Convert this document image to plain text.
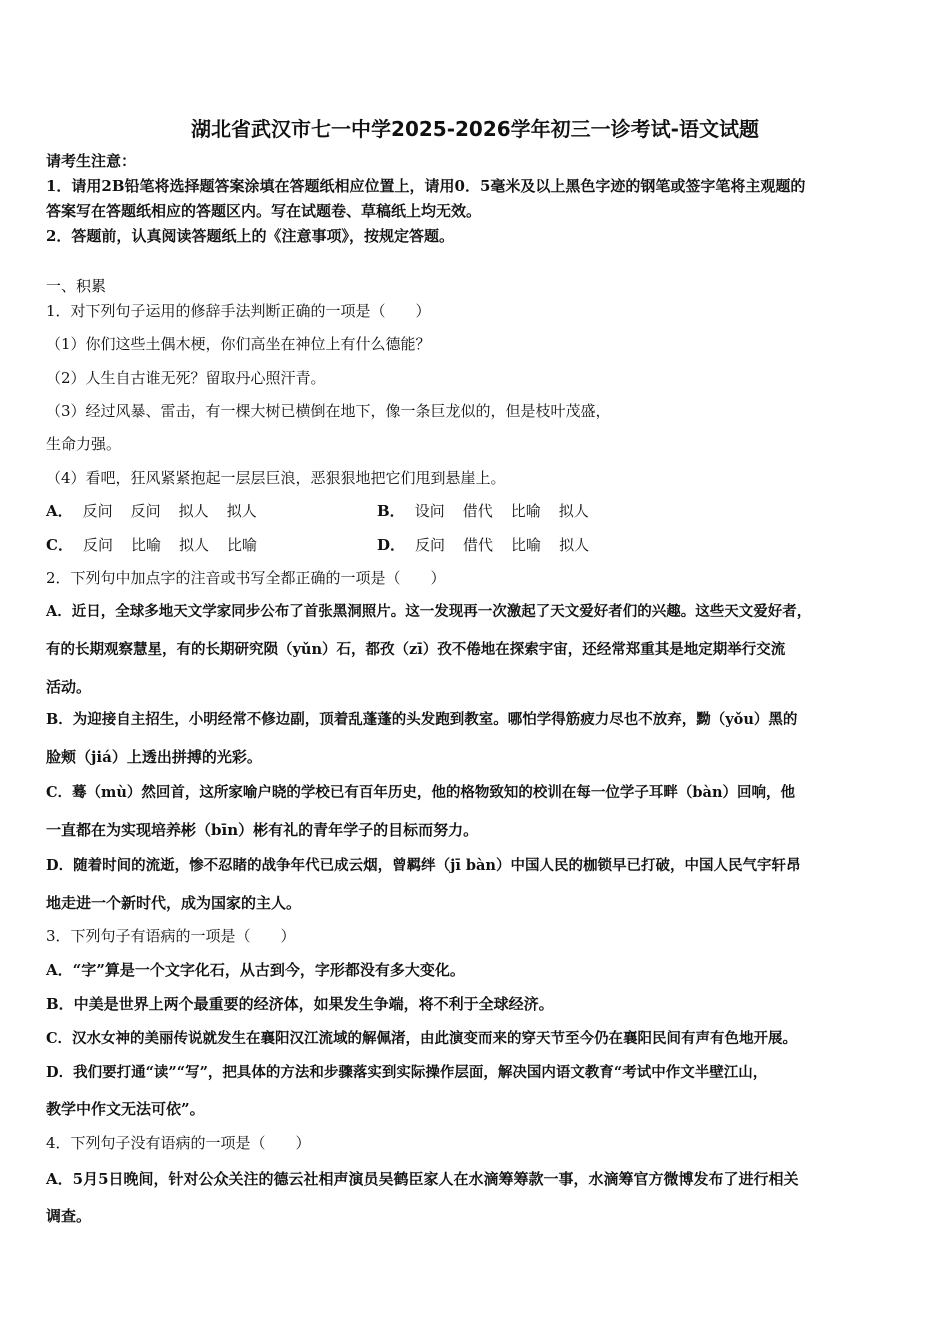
湖北省武汉市七一中学2025-2026学年初三一诊考试-语文试题
请考生注意：
1．请用2B铅笔将选择题答案涂填在答题纸相应位置上，请用0．5毫米及以上黑色字迹的钢笔或签字笔将主观题的
答案写在答题纸相应的答题区内。写在试题卷、草稿纸上均无效。
2．答题前，认真阅读答题纸上的《注意事项》，按规定答题。
一、积累
1．对下列句子运用的修辞手法判断正确的一项是（　　）
（1）你们这些土偶木梗，你们高坐在神位上有什么德能？
（2）人生自古谁无死？留取丹心照汗青。
（3）经过风暴、雷击，有一棵大树已横倒在地下，像一条巨龙似的，但是枝叶茂盛，
生命力强。
（4）看吧，狂风紧紧抱起一层层巨浪，恶狠狠地把它们甩到悬崖上。
A． 反问 反问 拟人 拟人	B． 设问 借代 比喻 拟人
C． 反问 比喻 拟人 比喻	D． 反问 借代 比喻 拟人
2．下列句中加点字的注音或书写全都正确的一项是（　　）
A．近日，全球多地天文学家同步公布了首张黑洞照片。这一发现再一次激起了天文爱好者们的兴趣。这些天文爱好者，
有的长期观察慧星，有的长期研究陨（yǔn）石，都孜（zī）孜不倦地在探索宇宙，还经常郑重其是地定期举行交流
活动。
B．为迎接自主招生，小明经常不修边副，顶着乱蓬蓬的头发跑到教室。哪怕学得筋疲力尽也不放弃，黝（yǒu）黑的
脸颊（jiá）上透出拼搏的光彩。
C．蓦（mù）然回首，这所家喻户晓的学校已有百年历史，他的格物致知的校训在每一位学子耳畔（bàn）回响，他
一直都在为实现培养彬（bīn）彬有礼的青年学子的目标而努力。
D．随着时间的流逝，惨不忍睹的战争年代已成云烟，曾羁绊（jī bàn）中国人民的枷锁早已打破，中国人民气宇轩昂
地走进一个新时代，成为国家的主人。
3．下列句子有语病的一项是（　　）
A．“字”算是一个文字化石，从古到今，字形都没有多大变化。
B．中美是世界上两个最重要的经济体，如果发生争端，将不利于全球经济。
C．汉水女神的美丽传说就发生在襄阳汉江流域的解佩渚，由此演变而来的穿天节至今仍在襄阳民间有声有色地开展。
D．我们要打通“读”“写”，把具体的方法和步骤落实到实际操作层面，解决国内语文教育“考试中作文半壁江山，
教学中作文无法可依”。
4．下列句子没有语病的一项是（　　）
A．5月5日晚间，针对公众关注的德云社相声演员吴鹤臣家人在水滴筹筹款一事，水滴筹官方微博发布了进行相关
调查。
